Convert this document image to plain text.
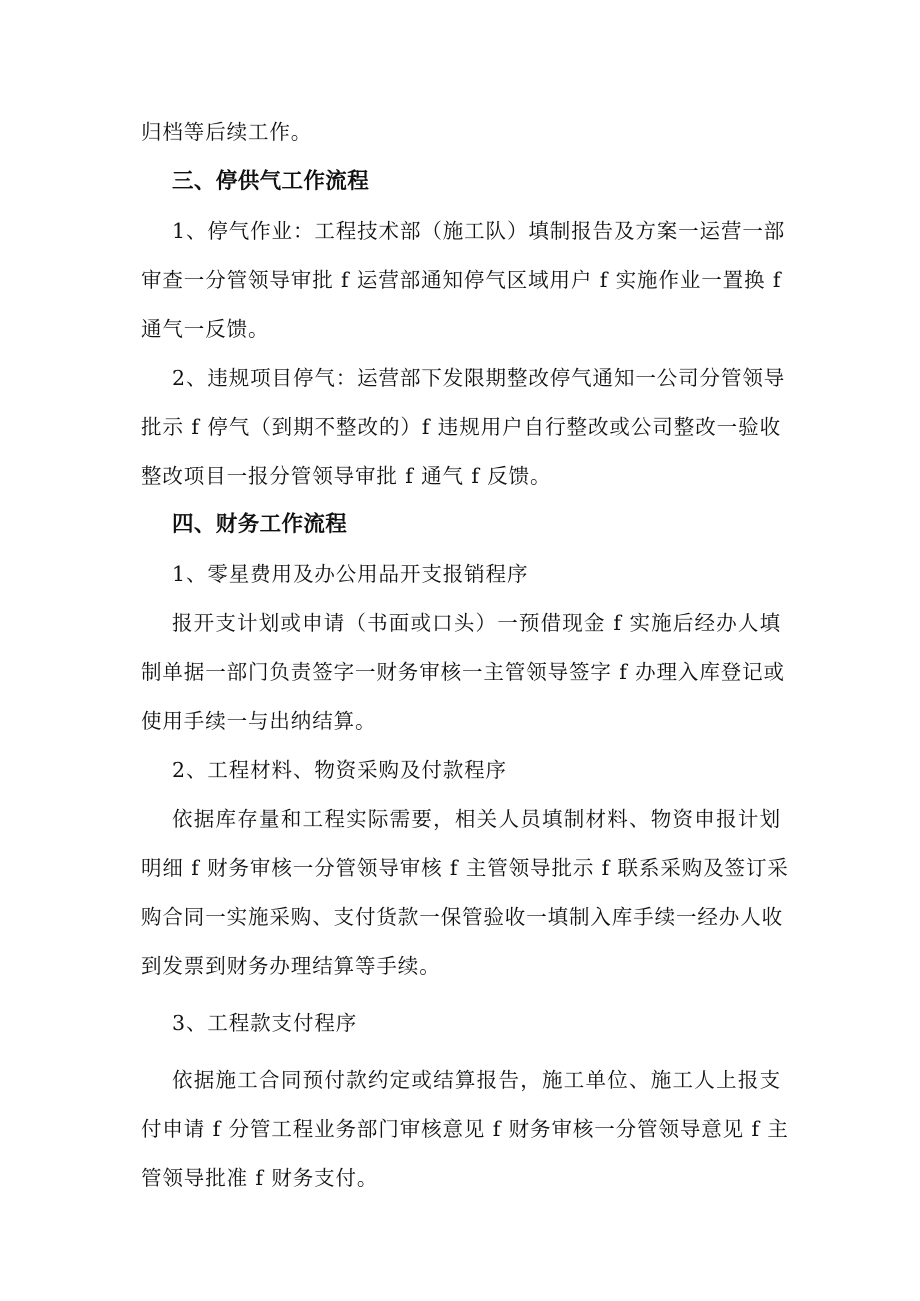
归档等后续工作。
三、停供气工作流程
1、停气作业：工程技术部（施工队）填制报告及方案一运营一部
审查一分管领导审批 f 运营部通知停气区域用户 f 实施作业一置换 f
通气一反馈。
2、违规项目停气：运营部下发限期整改停气通知一公司分管领导
批示 f 停气（到期不整改的）f 违规用户自行整改或公司整改一验收
整改项目一报分管领导审批 f 通气 f 反馈。
四、财务工作流程
1、零星费用及办公用品开支报销程序
报开支计划或申请（书面或口头）一预借现金 f 实施后经办人填
制单据一部门负责签字一财务审核一主管领导签字 f 办理入库登记或
使用手续一与出纳结算。
2、工程材料、物资采购及付款程序
依据库存量和工程实际需要，相关人员填制材料、物资申报计划
明细 f 财务审核一分管领导审核 f 主管领导批示 f 联系采购及签订采
购合同一实施采购、支付货款一保管验收一填制入库手续一经办人收
到发票到财务办理结算等手续。
3、工程款支付程序
依据施工合同预付款约定或结算报告，施工单位、施工人上报支
付申请 f 分管工程业务部门审核意见 f 财务审核一分管领导意见 f 主
管领导批准 f 财务支付。
